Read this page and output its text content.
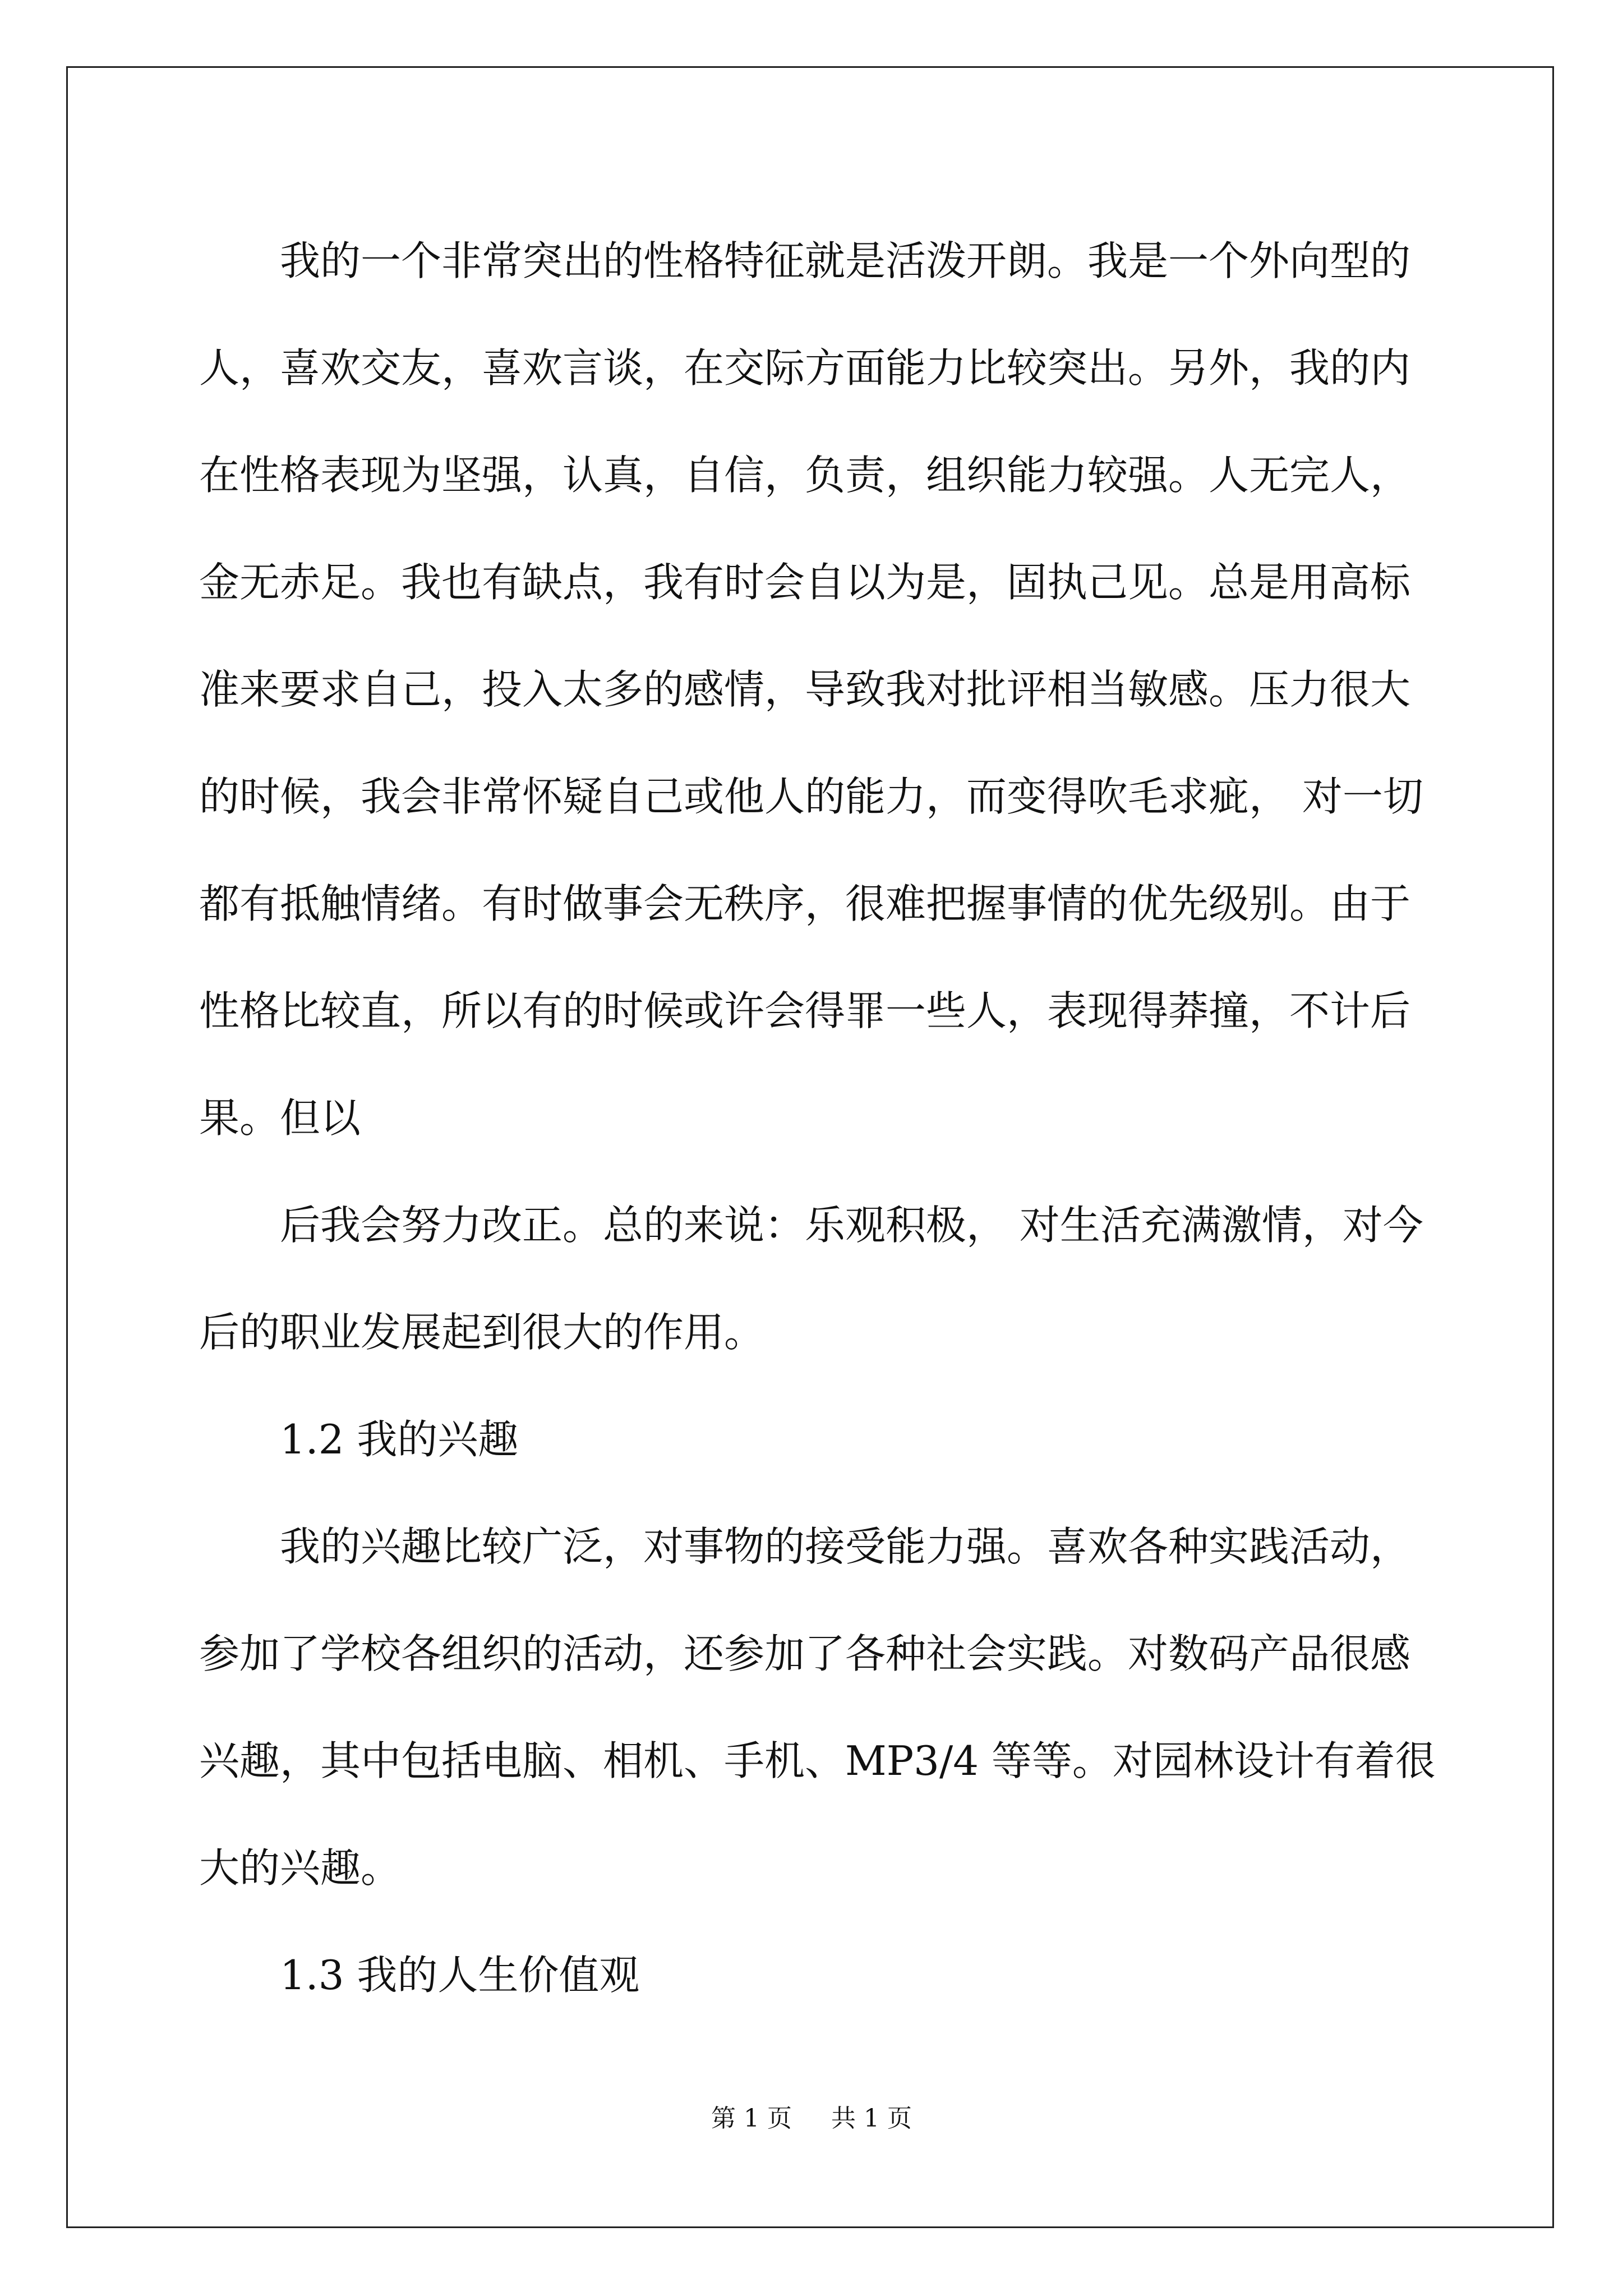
我的一个非常突出的性格特征就是活泼开朗。我是一个外向型的
人，喜欢交友，喜欢言谈，在交际方面能力比较突出。另外，我的内
在性格表现为坚强，认真，自信，负责，组织能力较强。人无完人，
金无赤足。我也有缺点，我有时会自以为是，固执己见。总是用高标
准来要求自己，投入太多的感情，导致我对批评相当敏感。压力很大
的时候，我会非常怀疑自己或他人的能力，而变得吹毛求疵， 对一切
都有抵触情绪。有时做事会无秩序，很难把握事情的优先级别。由于
性格比较直，所以有的时候或许会得罪一些人，表现得莽撞，不计后
果。但以
后我会努力改正。总的来说：乐观积极， 对生活充满激情，对今
后的职业发展起到很大的作用。

1.2 我的兴趣

我的兴趣比较广泛，对事物的接受能力强。喜欢各种实践活动，
参加了学校各组织的活动，还参加了各种社会实践。对数码产品很感
兴趣，其中包括电脑、相机、手机、MP3/4 等等。对园林设计有着很
大的兴趣。

1.3 我的人生价值观

第 1 页 共 1 页
